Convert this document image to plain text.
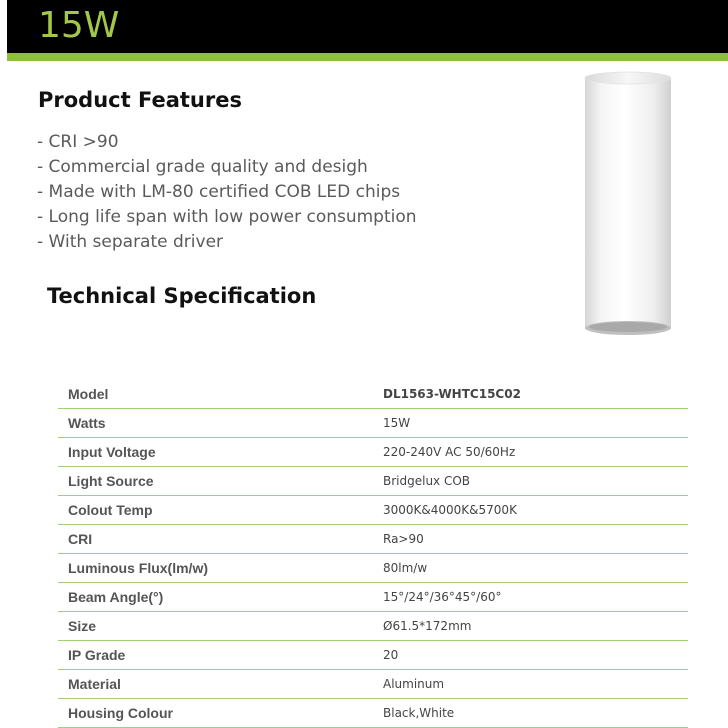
15W
Product Features
- CRI >90
- Commercial grade quality and desigh
- Made with LM-80 certified COB LED chips
- Long life span with low power consumption
- With separate driver
Technical Specification
Model	DL1563-WHTC15C02
Watts	15W
Input Voltage	220-240V AC 50/60Hz
Light Source	Bridgelux COB
Colout Temp	3000K&4000K&5700K
CRI	Ra>90
Luminous Flux(lm/w)	80lm/w
Beam Angle(°)	15°/24°/36°45°/60°
Size	Ø61.5*172mm
IP Grade	20
Material	Aluminum
Housing Colour	Black,White
